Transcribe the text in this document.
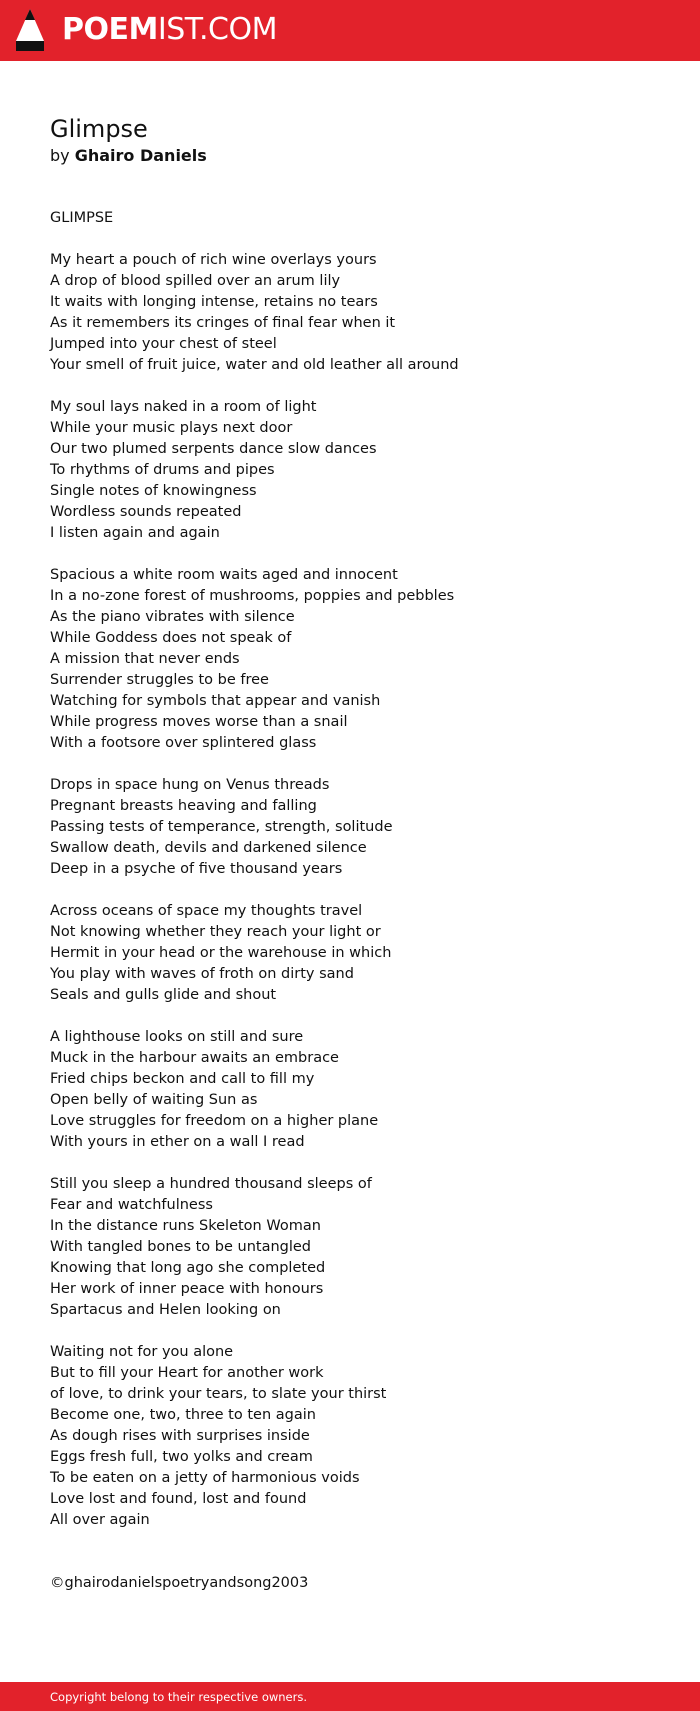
POEMIST.COM
Glimpse
by Ghairo Daniels
GLIMPSE
My heart a pouch of rich wine overlays yours
A drop of blood spilled over an arum lily
It waits with longing intense, retains no tears
As it remembers its cringes of final fear when it
Jumped into your chest of steel
Your smell of fruit juice, water and old leather all around
My soul lays naked in a room of light
While your music plays next door
Our two plumed serpents dance slow dances
To rhythms of drums and pipes
Single notes of knowingness
Wordless sounds repeated
I listen again and again
Spacious a white room waits aged and innocent
In a no-zone forest of mushrooms, poppies and pebbles
As the piano vibrates with silence
While Goddess does not speak of
A mission that never ends
Surrender struggles to be free
Watching for symbols that appear and vanish
While progress moves worse than a snail
With a footsore over splintered glass
Drops in space hung on Venus threads
Pregnant breasts heaving and falling
Passing tests of temperance, strength, solitude
Swallow death, devils and darkened silence
Deep in a psyche of five thousand years
Across oceans of space my thoughts travel
Not knowing whether they reach your light or
Hermit in your head or the warehouse in which
You play with waves of froth on dirty sand
Seals and gulls glide and shout
A lighthouse looks on still and sure
Muck in the harbour awaits an embrace
Fried chips beckon and call to fill my
Open belly of waiting Sun as
Love struggles for freedom on a higher plane
With yours in ether on a wall I read
Still you sleep a hundred thousand sleeps of
Fear and watchfulness
In the distance runs Skeleton Woman
With tangled bones to be untangled
Knowing that long ago she completed
Her work of inner peace with honours
Spartacus and Helen looking on
Waiting not for you alone
But to fill your Heart for another work
of love, to drink your tears, to slate your thirst
Become one, two, three to ten again
As dough rises with surprises inside
Eggs fresh full, two yolks and cream
To be eaten on a jetty of harmonious voids
Love lost and found, lost and found
All over again
©ghairodanielspoetryandsong2003
Copyright belong to their respective owners.
